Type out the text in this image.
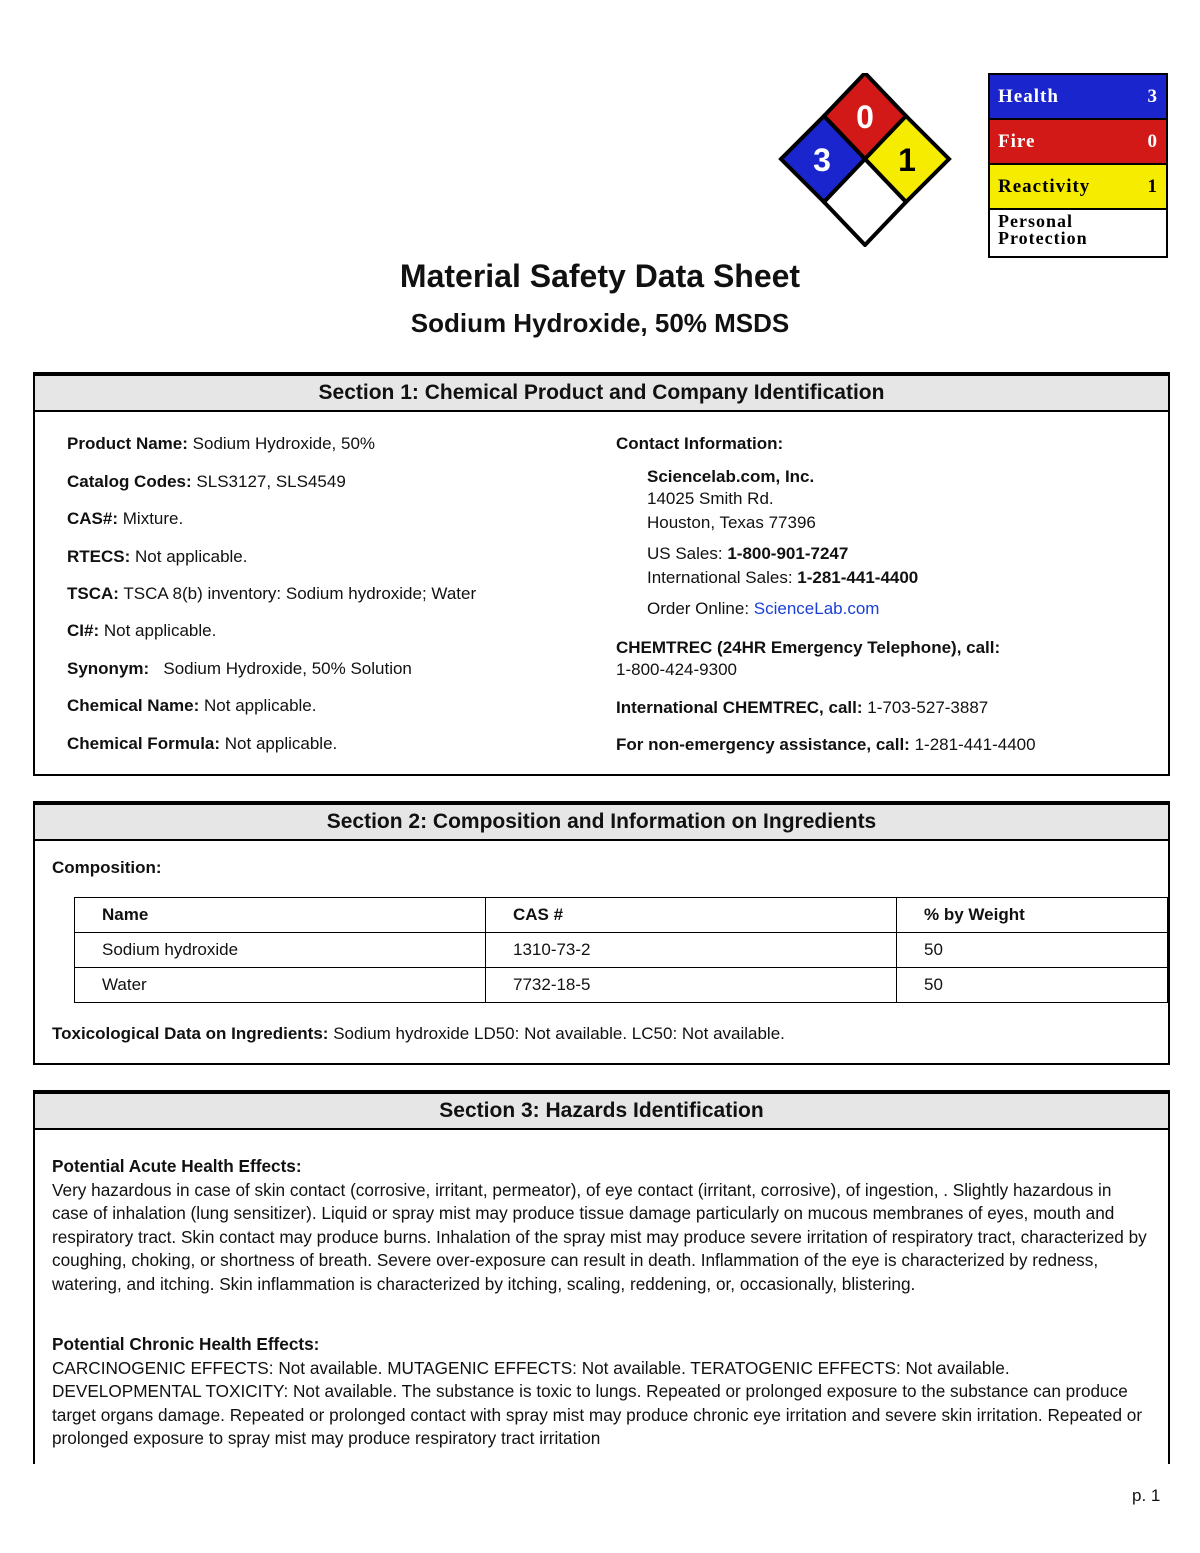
0
3 1
Health	3
Fire	0
Reactivity	1
Personal
Protection
Material Safety Data Sheet
Sodium Hydroxide, 50% MSDS
Section 1: Chemical Product and Company Identification
Product Name: Sodium Hydroxide, 50%
Catalog Codes: SLS3127, SLS4549
CAS#: Mixture.
RTECS: Not applicable.
TSCA: TSCA 8(b) inventory: Sodium hydroxide; Water
CI#: Not applicable.
Synonym: Sodium Hydroxide, 50% Solution
Chemical Name: Not applicable.
Chemical Formula: Not applicable.
Contact Information:
Sciencelab.com, Inc.
14025 Smith Rd.
Houston, Texas 77396
US Sales: 1-800-901-7247
International Sales: 1-281-441-4400
Order Online: ScienceLab.com
CHEMTREC (24HR Emergency Telephone), call:
1-800-424-9300
International CHEMTREC, call: 1-703-527-3887
For non-emergency assistance, call: 1-281-441-4400
Section 2: Composition and Information on Ingredients
Composition:
Name	CAS #	% by Weight
Sodium hydroxide	1310-73-2	50
Water	7732-18-5	50
Toxicological Data on Ingredients: Sodium hydroxide LD50: Not available. LC50: Not available.
Section 3: Hazards Identification
Potential Acute Health Effects:
Very hazardous in case of skin contact (corrosive, irritant, permeator), of eye contact (irritant, corrosive), of ingestion, . Slightly hazardous in case of inhalation (lung sensitizer). Liquid or spray mist may produce tissue damage particularly on mucous membranes of eyes, mouth and respiratory tract. Skin contact may produce burns. Inhalation of the spray mist may produce severe irritation of respiratory tract, characterized by coughing, choking, or shortness of breath. Severe over-exposure can result in death. Inflammation of the eye is characterized by redness, watering, and itching. Skin inflammation is characterized by itching, scaling, reddening, or, occasionally, blistering.
Potential Chronic Health Effects:
CARCINOGENIC EFFECTS: Not available. MUTAGENIC EFFECTS: Not available. TERATOGENIC EFFECTS: Not available. DEVELOPMENTAL TOXICITY: Not available. The substance is toxic to lungs. Repeated or prolonged exposure to the substance can produce target organs damage. Repeated or prolonged contact with spray mist may produce chronic eye irritation and severe skin irritation. Repeated or prolonged exposure to spray mist may produce respiratory tract irritation
p. 1
